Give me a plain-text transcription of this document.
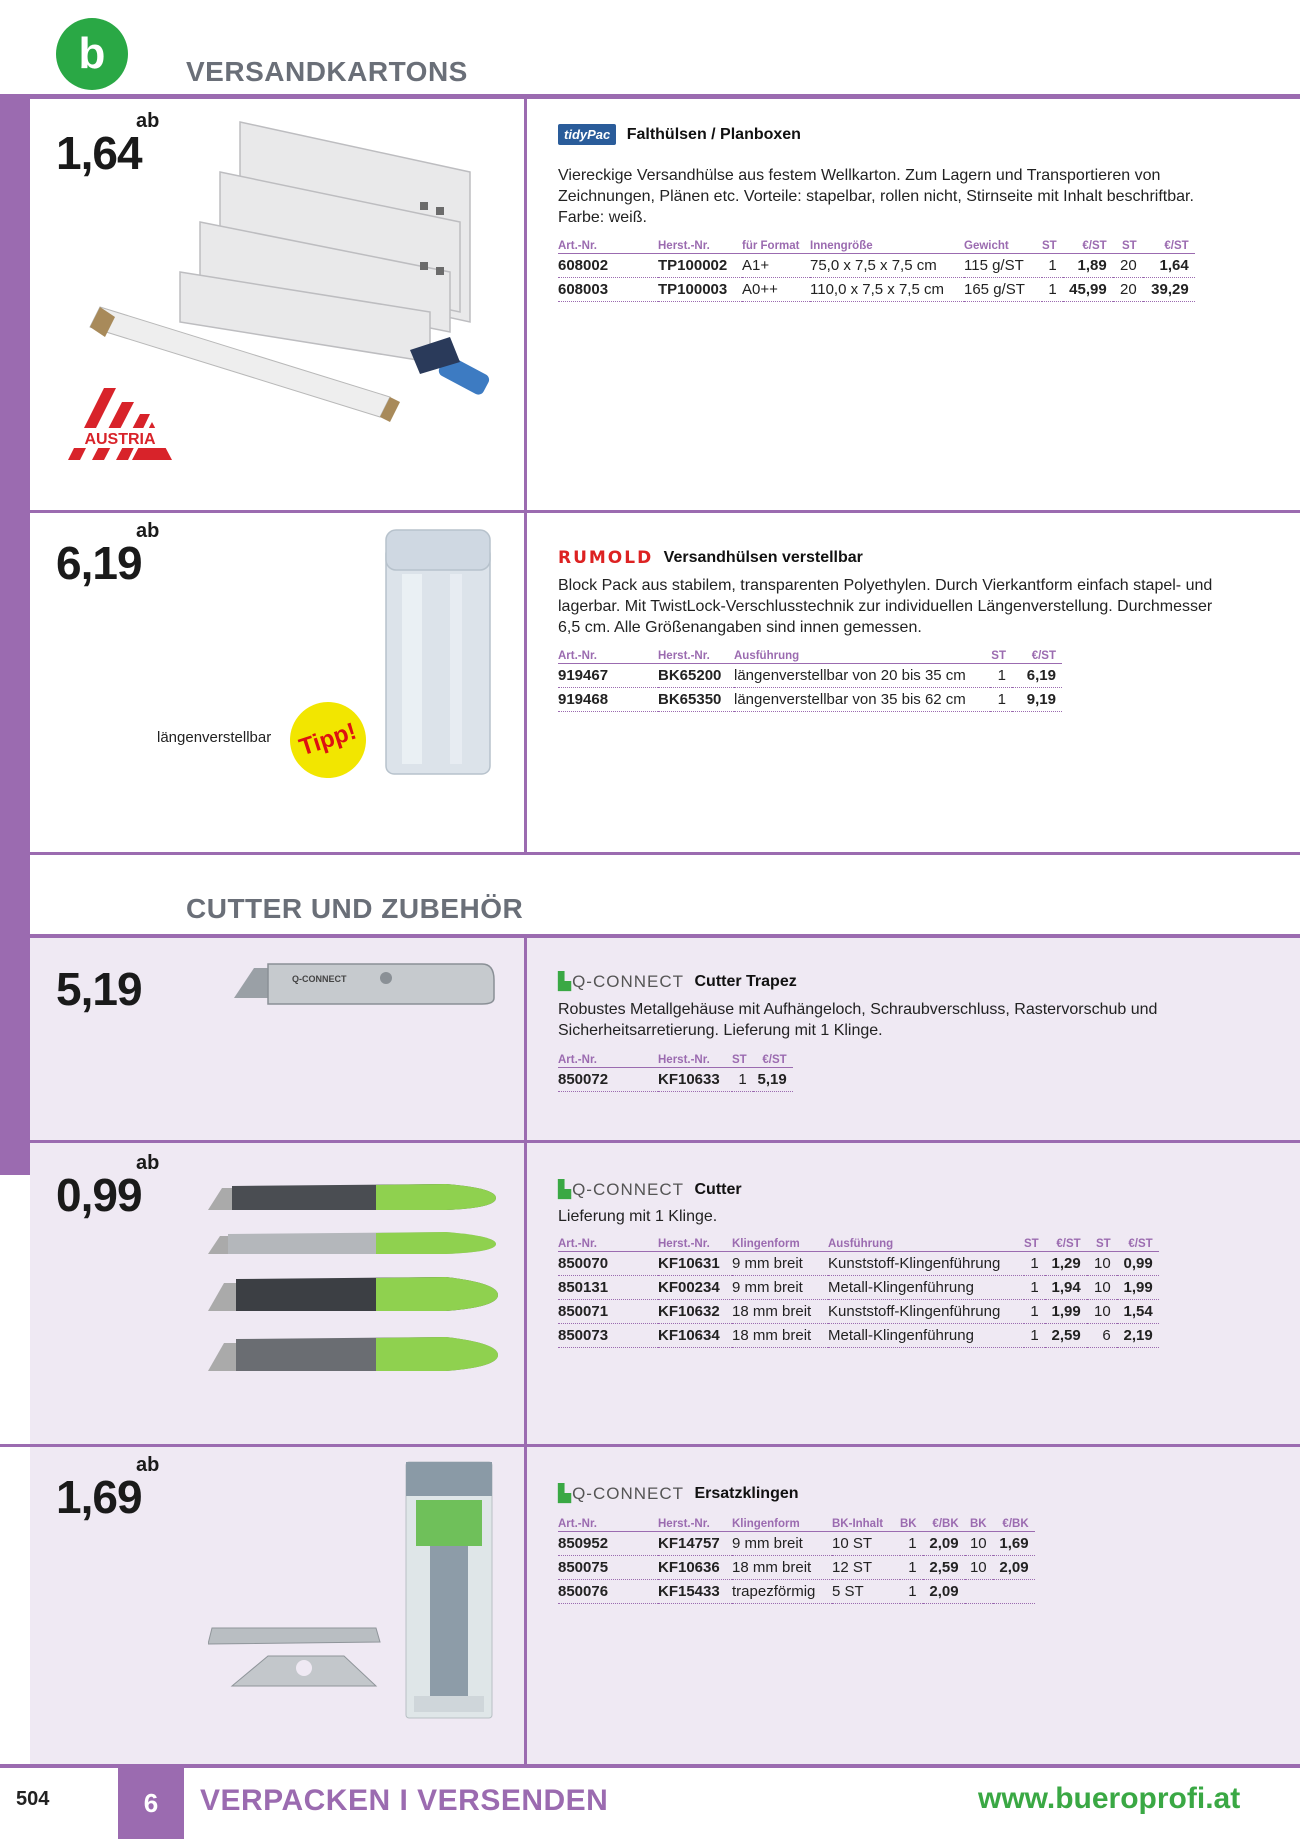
b	VERSANDKARTONS
ab
1,64
AUSTRIA
tidyPac Falthülsen / Planboxen
Viereckige Versandhülse aus festem Wellkarton. Zum Lagern und Transportieren von Zeichnungen, Plänen etc. Vorteile: stapelbar, rollen nicht, Stirnseite mit Inhalt beschriftbar. Farbe: weiß.
Art.-Nr.	Herst.-Nr.	für Format	Innengröße	Gewicht	ST	€/ST	ST	€/ST
608002	TP100002	A1+	75,0 x 7,5 x 7,5 cm	115 g/ST	1	1,89	20	1,64
608003	TP100003	A0++	110,0 x 7,5 x 7,5 cm	165 g/ST	1	45,99	20	39,29
ab
6,19
längenverstellbar	Tipp!
RUMOLD Versandhülsen verstellbar
Block Pack aus stabilem, transparenten Polyethylen. Durch Vierkantform einfach stapel- und lagerbar. Mit TwistLock-Verschlusstechnik zur individuellen Längenverstellung. Durchmesser 6,5 cm. Alle Größenangaben sind innen gemessen.
Art.-Nr.	Herst.-Nr.	Ausführung	ST	€/ST
919467	BK65200	längenverstellbar von 20 bis 35 cm	1	6,19
919468	BK65350	längenverstellbar von 35 bis 62 cm	1	9,19
CUTTER UND ZUBEHÖR
5,19	Q-CONNECT	▙Q-CONNECT Cutter Trapez
Robustes Metallgehäuse mit Aufhängeloch, Schraubverschluss, Rastervorschub und Sicherheitsarretierung. Lieferung mit 1 Klinge.
Art.-Nr.	Herst.-Nr.	ST	€/ST
850072	KF10633	1	5,19
ab
0,99	▙Q-CONNECT Cutter
Lieferung mit 1 Klinge.
Art.-Nr.	Herst.-Nr.	Klingenform	Ausführung	ST	€/ST	ST	€/ST
850070	KF10631	9 mm breit	Kunststoff-Klingenführung	1	1,29	10	0,99
850131	KF00234	9 mm breit	Metall-Klingenführung	1	1,94	10	1,99
850071	KF10632	18 mm breit	Kunststoff-Klingenführung	1	1,99	10	1,54
850073	KF10634	18 mm breit	Metall-Klingenführung	1	2,59	6	2,19
ab
1,69	▙Q-CONNECT Ersatzklingen
Art.-Nr.	Herst.-Nr.	Klingenform	BK-Inhalt	BK	€/BK	BK	€/BK
850952	KF14757	9 mm breit	10 ST	1	2,09	10	1,69
850075	KF10636	18 mm breit	12 ST	1	2,59	10	2,09
850076	KF15433	trapezförmig	5 ST	1	2,09		
504	6	VERPACKEN I VERSENDEN	www.bueroprofi.at
